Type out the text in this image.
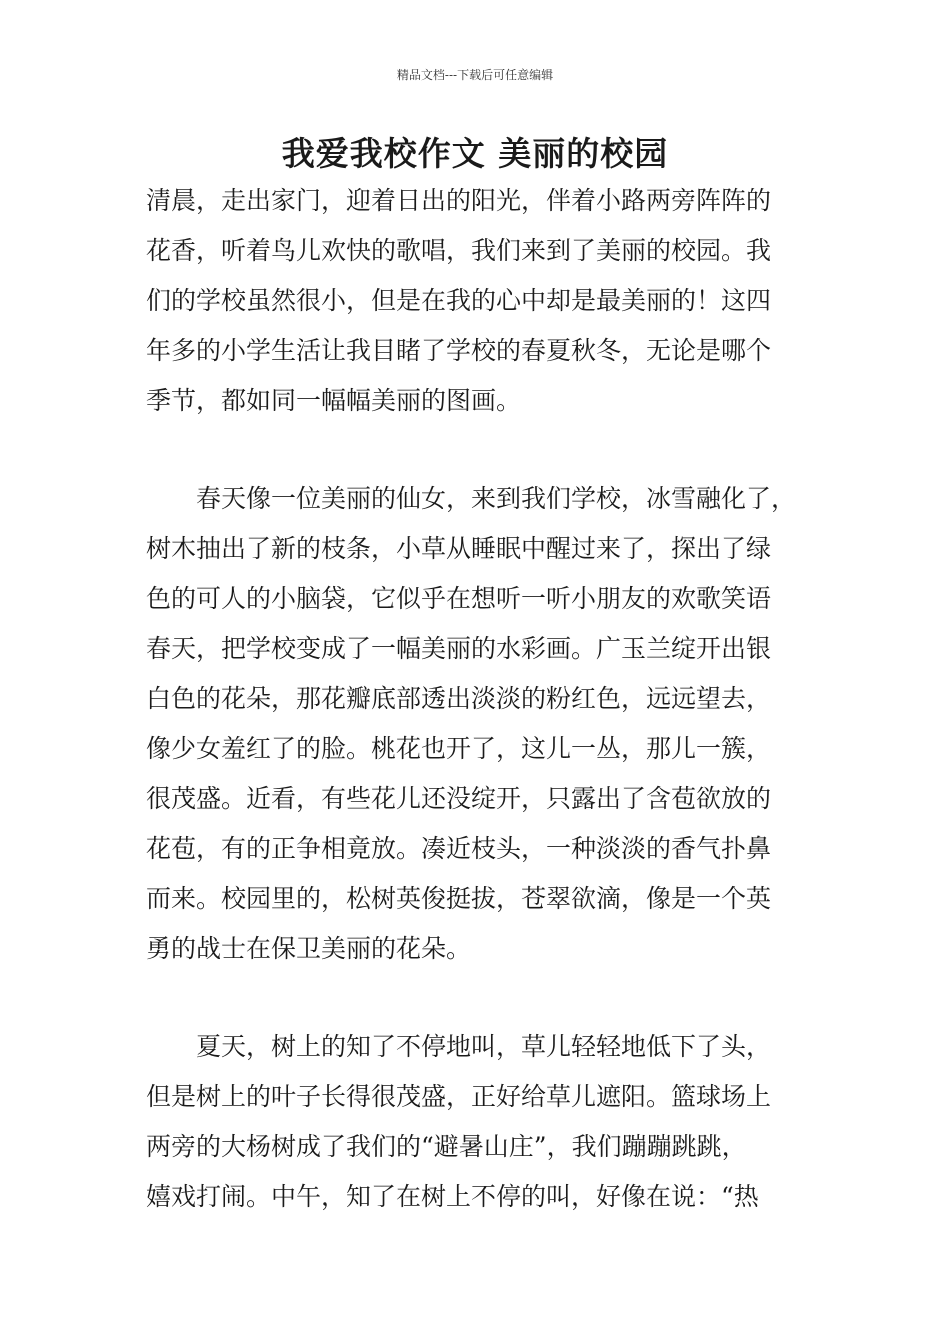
精品文档---下载后可任意编辑
我爱我校作文 美丽的校园
清晨，走出家门，迎着日出的阳光，伴着小路两旁阵阵的
花香，听着鸟儿欢快的歌唱，我们来到了美丽的校园。我
们的学校虽然很小，但是在我的心中却是最美丽的！这四
年多的小学生活让我目睹了学校的春夏秋冬，无论是哪个
季节，都如同一幅幅美丽的图画。
　　春天像一位美丽的仙女，来到我们学校，冰雪融化了，
树木抽出了新的枝条，小草从睡眠中醒过来了，探出了绿
色的可人的小脑袋，它似乎在想听一听小朋友的欢歌笑语
春天，把学校变成了一幅美丽的水彩画。广玉兰绽开出银
白色的花朵，那花瓣底部透出淡淡的粉红色，远远望去，
像少女羞红了的脸。桃花也开了，这儿一丛，那儿一簇，
很茂盛。近看，有些花儿还没绽开，只露出了含苞欲放的
花苞，有的正争相竟放。凑近枝头，一种淡淡的香气扑鼻
而来。校园里的，松树英俊挺拔，苍翠欲滴，像是一个英
勇的战士在保卫美丽的花朵。
　　夏天，树上的知了不停地叫，草儿轻轻地低下了头，
但是树上的叶子长得很茂盛，正好给草儿遮阳。篮球场上
两旁的大杨树成了我们的“避暑山庄”，我们蹦蹦跳跳，
嬉戏打闹。中午，知了在树上不停的叫，好像在说：“热
